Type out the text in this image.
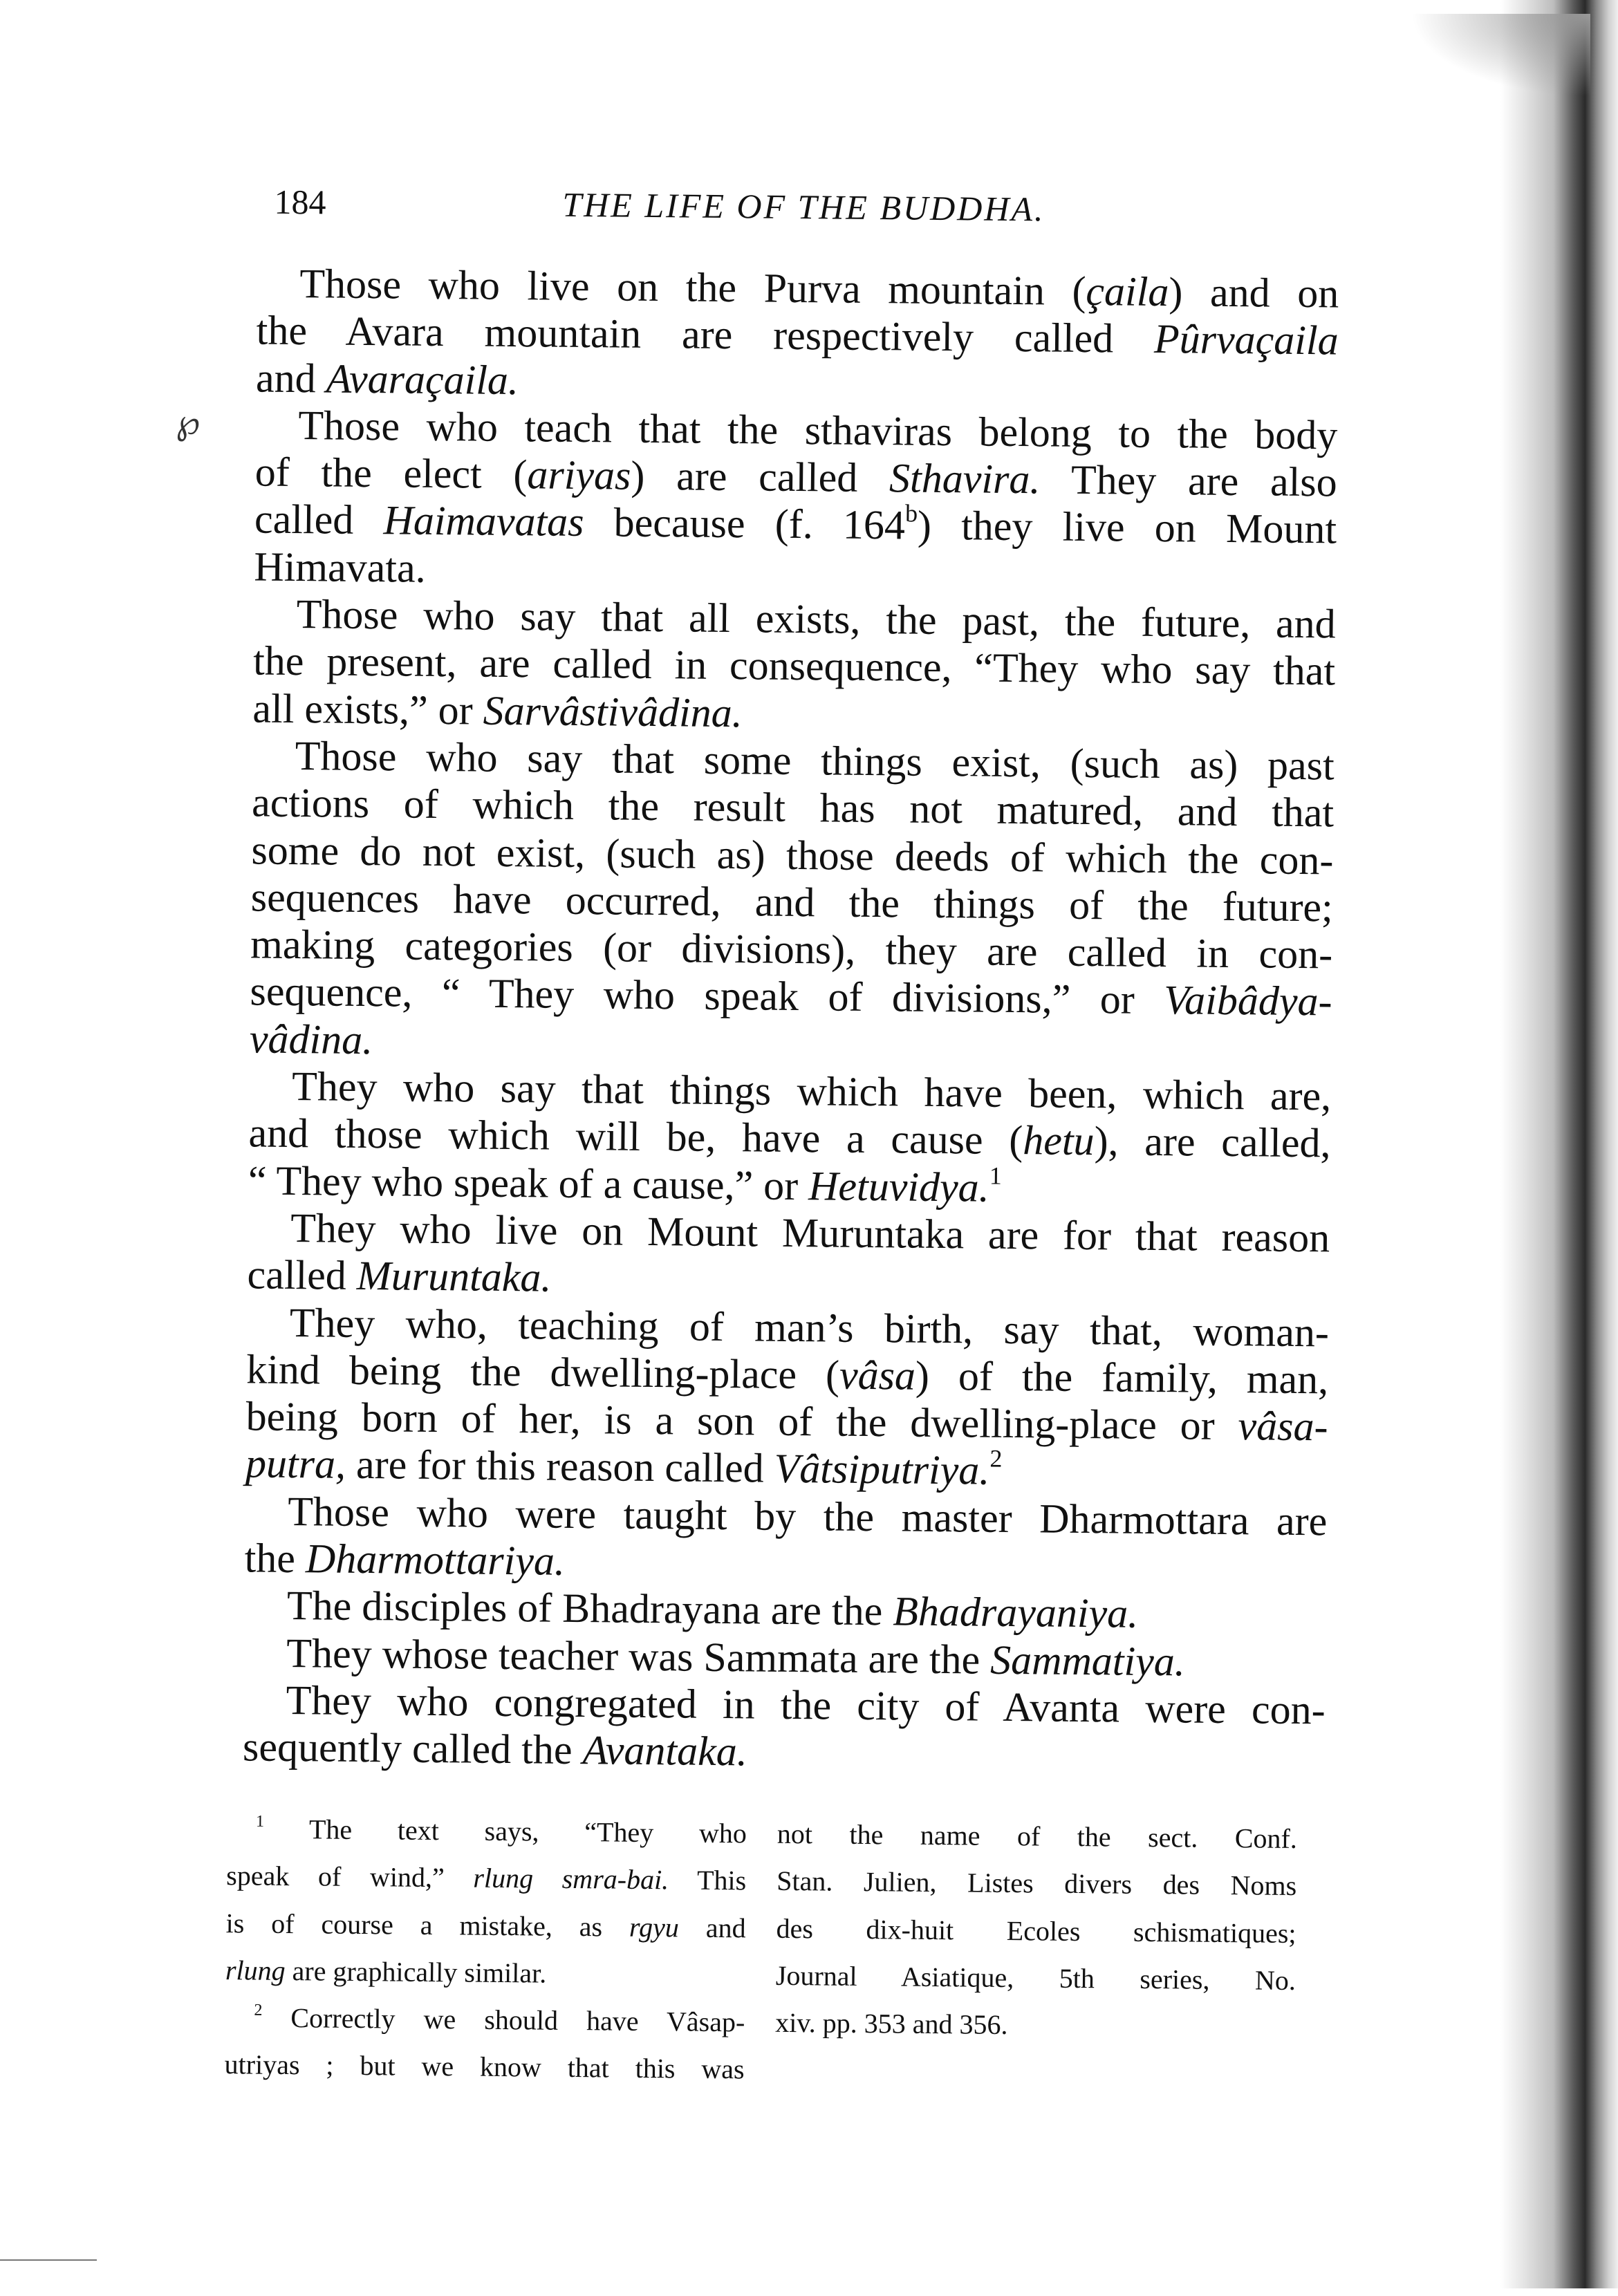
184	THE LIFE OF THE BUDDHA.
℘
Those who live on the Purva mountain (çaila) and on
the Avara mountain are respectively called Pûrvaçaila
and Avaraçaila.
Those who teach that the sthaviras belong to the body
of the elect (ariyas) are called Sthavira. They are also
called Haimavatas because (f. 164$^b$) they live on Mount
Himavata.
Those who say that all exists, the past, the future, and
the present, are called in consequence, “They who say that
all exists,” or Sarvâstivâdina.
Those who say that some things exist, (such as) past
actions of which the result has not matured, and that
some do not exist, (such as) those deeds of which the con-
sequences have occurred, and the things of the future;
making categories (or divisions), they are called in con-
sequence, “ They who speak of divisions,” or Vaibâdya-
vâdina.
They who say that things which have been, which are,
and those which will be, have a cause (hetu), are called,
“ They who speak of a cause,” or Hetuvidya.$^1$
They who live on Mount Muruntaka are for that reason
called Muruntaka.
They who, teaching of man’s birth, say that, woman-
kind being the dwelling-place (vâsa) of the family, man,
being born of her, is a son of the dwelling-place or vâsa-
putra, are for this reason called Vâtsiputriya.$^2$
Those who were taught by the master Dharmottara are
the Dharmottariya.
The disciples of Bhadrayana are the Bhadrayaniya.
They whose teacher was Sammata are the Sammatiya.
They who congregated in the city of Avanta were con-
sequently called the Avantaka.
$^1$ The text says, “They who
speak of wind,” rlung smra-bai. This
is of course a mistake, as rgyu and
rlung are graphically similar.
$^2$ Correctly we should have Vâsap-
utriyas ; but we know that this was
not the name of the sect. Conf.
Stan. Julien, Listes divers des Noms
des dix-huit Ecoles schismatiques;
Journal Asiatique, 5th series, No.
xiv. pp. 353 and 356.
